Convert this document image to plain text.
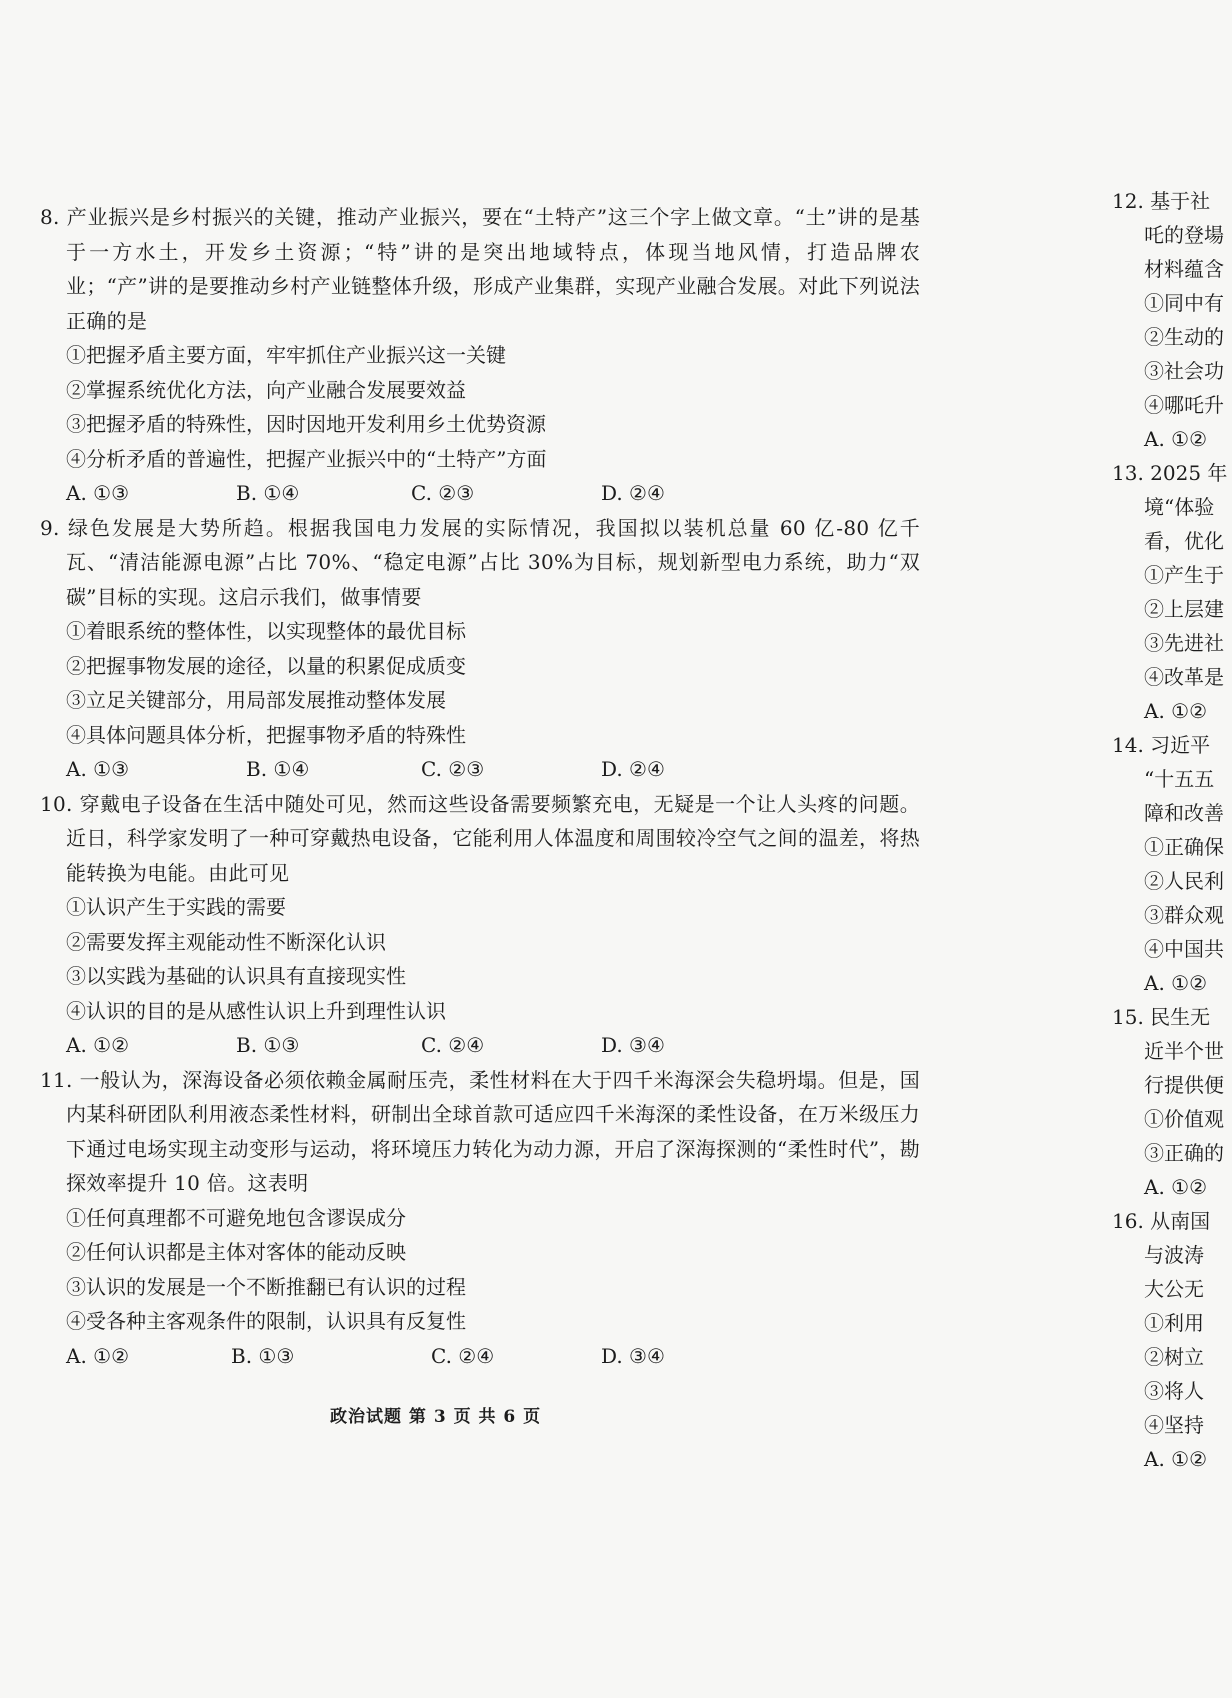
8. 产业振兴是乡村振兴的关键，推动产业振兴，要在“土特产”这三个字上做文章。“土”讲的是基于一方水土，开发乡土资源；“特”讲的是突出地域特点，体现当地风情，打造品牌农业；“产”讲的是要推动乡村产业链整体升级，形成产业集群，实现产业融合发展。对此下列说法正确的是
①把握矛盾主要方面，牢牢抓住产业振兴这一关键
②掌握系统优化方法，向产业融合发展要效益
③把握矛盾的特殊性，因时因地开发利用乡土优势资源
④分析矛盾的普遍性，把握产业振兴中的“土特产”方面
A. ①③	B. ①④	C. ②③	D. ②④
9. 绿色发展是大势所趋。根据我国电力发展的实际情况，我国拟以装机总量 60 亿-80 亿千瓦、“清洁能源电源”占比 70%、“稳定电源”占比 30%为目标，规划新型电力系统，助力“双碳”目标的实现。这启示我们，做事情要
①着眼系统的整体性，以实现整体的最优目标
②把握事物发展的途径，以量的积累促成质变
③立足关键部分，用局部发展推动整体发展
④具体问题具体分析，把握事物矛盾的特殊性
A. ①③	B. ①④	C. ②③	D. ②④
10. 穿戴电子设备在生活中随处可见，然而这些设备需要频繁充电，无疑是一个让人头疼的问题。近日，科学家发明了一种可穿戴热电设备，它能利用人体温度和周围较冷空气之间的温差，将热能转换为电能。由此可见
①认识产生于实践的需要
②需要发挥主观能动性不断深化认识
③以实践为基础的认识具有直接现实性
④认识的目的是从感性认识上升到理性认识
A. ①②	B. ①③	C. ②④	D. ③④
11. 一般认为，深海设备必须依赖金属耐压壳，柔性材料在大于四千米海深会失稳坍塌。但是，国内某科研团队利用液态柔性材料，研制出全球首款可适应四千米海深的柔性设备，在万米级压力下通过电场实现主动变形与运动，将环境压力转化为动力源，开启了深海探测的“柔性时代”，勘探效率提升 10 倍。这表明
①任何真理都不可避免地包含谬误成分
②任何认识都是主体对客体的能动反映
③认识的发展是一个不断推翻已有认识的过程
④受各种主客观条件的限制，认识具有反复性
A. ①②	B. ①③	C. ②④	D. ③④
政治试题 第 3 页 共 6 页
12. 基于社
吒的登場
材料蕴含
①同中有
②生动的
③社会功
④哪吒升
A. ①②
13. 2025 年
境“体验
看，优化
①产生于
②上层建
③先进社
④改革是
A. ①②
14. 习近平
“十五五
障和改善
①正确保
②人民利
③群众观
④中国共
A. ①②
15. 民生无
近半个世
行提供便
①价值观
③正确的
A. ①②
16. 从南国
与波涛
大公无
①利用
②树立
③将人
④坚持
A. ①②
